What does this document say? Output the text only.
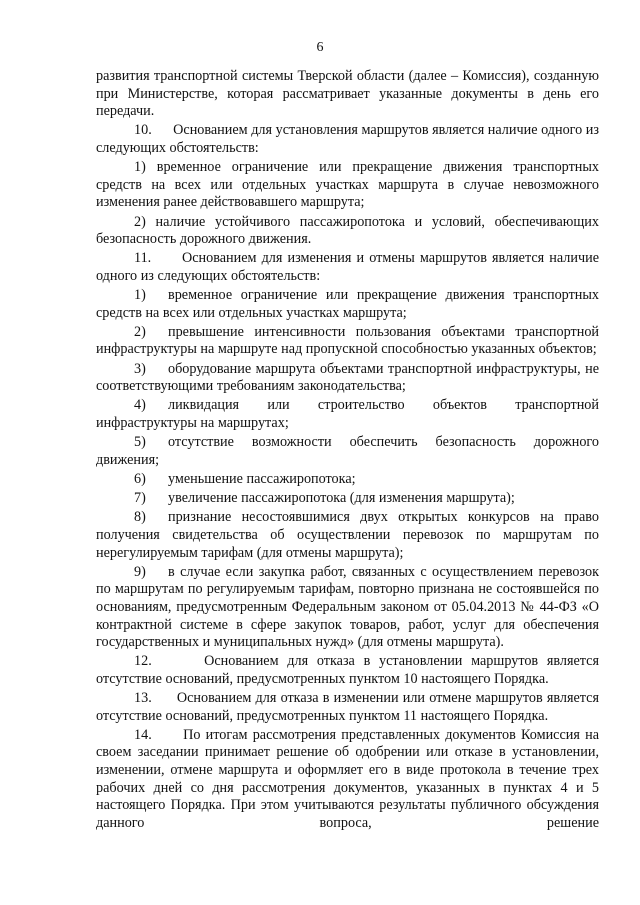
6

развития транспортной системы Тверской области (далее – Комиссия), созданную при Министерстве, которая рассматривает указанные документы в день его передачи.

10.      Основанием для установления маршрутов является наличие одного из следующих обстоятельств:

1) временное ограничение или прекращение движения транспортных средств на всех или отдельных участках маршрута в случае невозможного изменения ранее действовавшего маршрута;

2) наличие устойчивого пассажиропотока и условий, обеспечивающих безопасность дорожного движения.

11.      Основанием для изменения и отмены маршрутов является наличие одного из следующих обстоятельств:

1) временное ограничение или прекращение движения транспортных средств на всех или отдельных участках маршрута;

2) превышение интенсивности пользования объектами транспортной инфраструктуры на маршруте над пропускной способностью указанных объектов;

3) оборудование маршрута объектами транспортной инфраструктуры, не соответствующими требованиям законодательства;

4) ликвидация или строительство объектов транспортной инфраструктуры на маршрутах;

5) отсутствие возможности обеспечить безопасность дорожного движения;

6) уменьшение пассажиропотока;

7) увеличение пассажиропотока (для изменения маршрута);

8) признание несостоявшимися двух открытых конкурсов на право получения свидетельства об осуществлении перевозок по маршрутам по нерегулируемым тарифам (для отмены маршрута);

9) в случае если закупка работ, связанных с осуществлением перевозок по маршрутам по регулируемым тарифам, повторно признана не состоявшейся по основаниям, предусмотренным Федеральным законом от 05.04.2013 № 44-ФЗ «О контрактной системе в сфере закупок товаров, работ, услуг для обеспечения государственных и муниципальных нужд» (для отмены маршрута).

12.      Основанием для отказа в установлении маршрутов является отсутствие оснований, предусмотренных пунктом 10 настоящего Порядка.

13.      Основанием для отказа в изменении или отмене маршрутов является отсутствие оснований, предусмотренных пунктом 11 настоящего Порядка.

14.      По итогам рассмотрения представленных документов Комиссия на своем заседании принимает решение об одобрении или отказе в установлении, изменении, отмене маршрута и оформляет его в виде протокола в течение трех рабочих дней со дня рассмотрения документов, указанных в пунктах 4 и 5 настоящего Порядка. При этом учитываются результаты публичного обсуждения данного вопроса, решение
